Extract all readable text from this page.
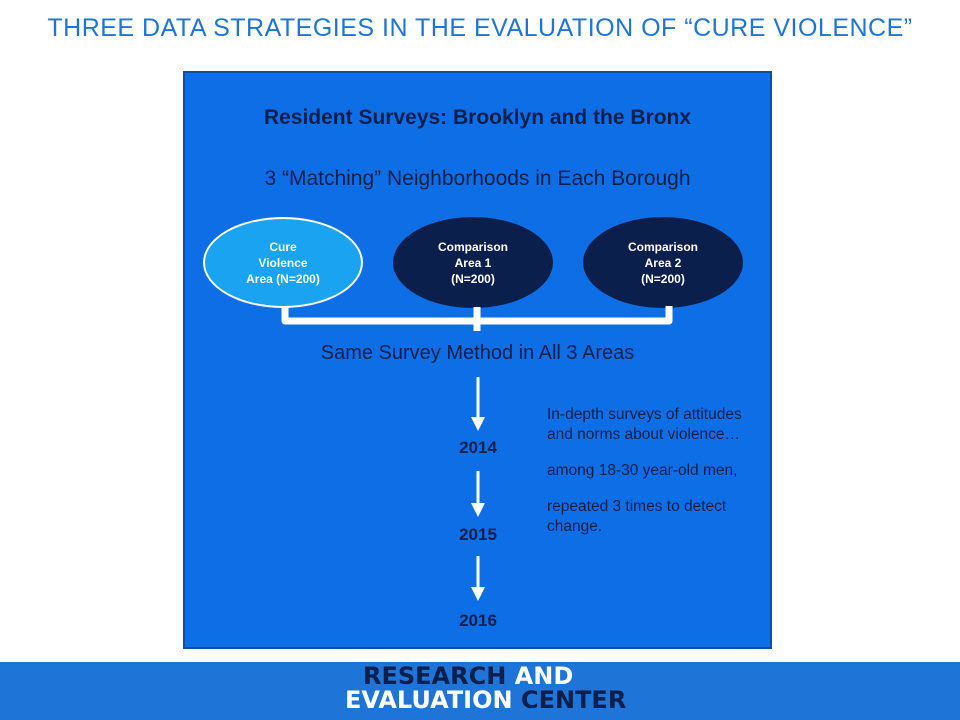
THREE DATA STRATEGIES IN THE EVALUATION OF “CURE VIOLENCE”
Resident Surveys: Brooklyn and the Bronx
3 “Matching” Neighborhoods in Each Borough
Cure
Violence
Area (N=200)
Comparison
Area 1
(N=200)
Comparison
Area 2
(N=200)
Same Survey Method in All 3 Areas
2014
2015
2016

In-depth surveys of attitudes and norms about violence…

among 18-30 year-old men,

repeated 3 times to detect change.

RESEARCH AND
EVALUATION CENTER
